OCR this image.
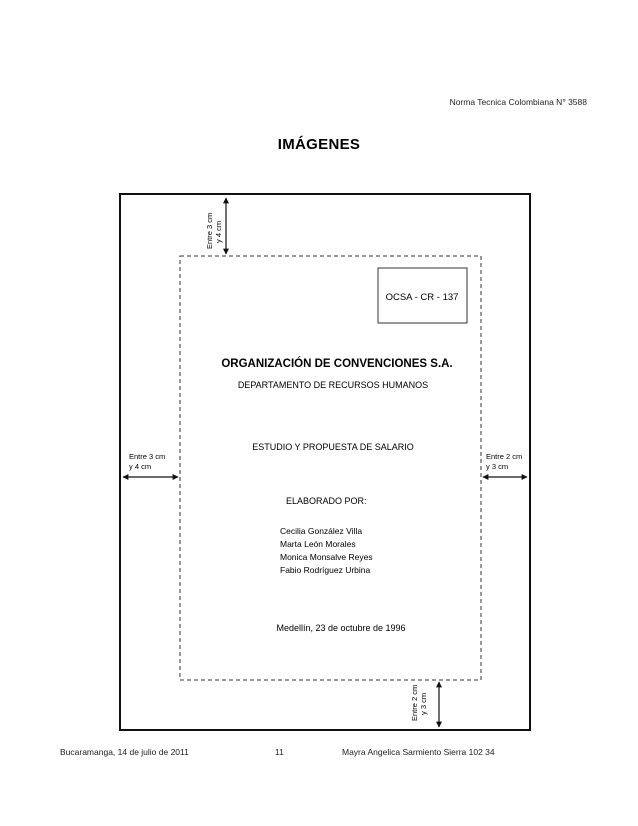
Norma Tecnica Colombiana N° 3588
IMÁGENES
OCSA - CR - 137
Entre 3 cm y 4 cm
Entre 3 cm
y 4 cm
Entre 2 cm
y 3 cm
Entre 2 cm y 3 cm
ORGANIZACIÓN DE CONVENCIONES S.A.
DEPARTAMENTO DE RECURSOS HUMANOS
ESTUDIO Y PROPUESTA DE SALARIO
ELABORADO POR:
Cecilia González Villa
Marta León Morales
Monica Monsalve Reyes
Fabio Rodríguez Urbina
Medellín, 23 de octubre de 1996
Bucaramanga, 14 de julio de 2011	11	Mayra Angelica Sarmiento Sierra 102 34
